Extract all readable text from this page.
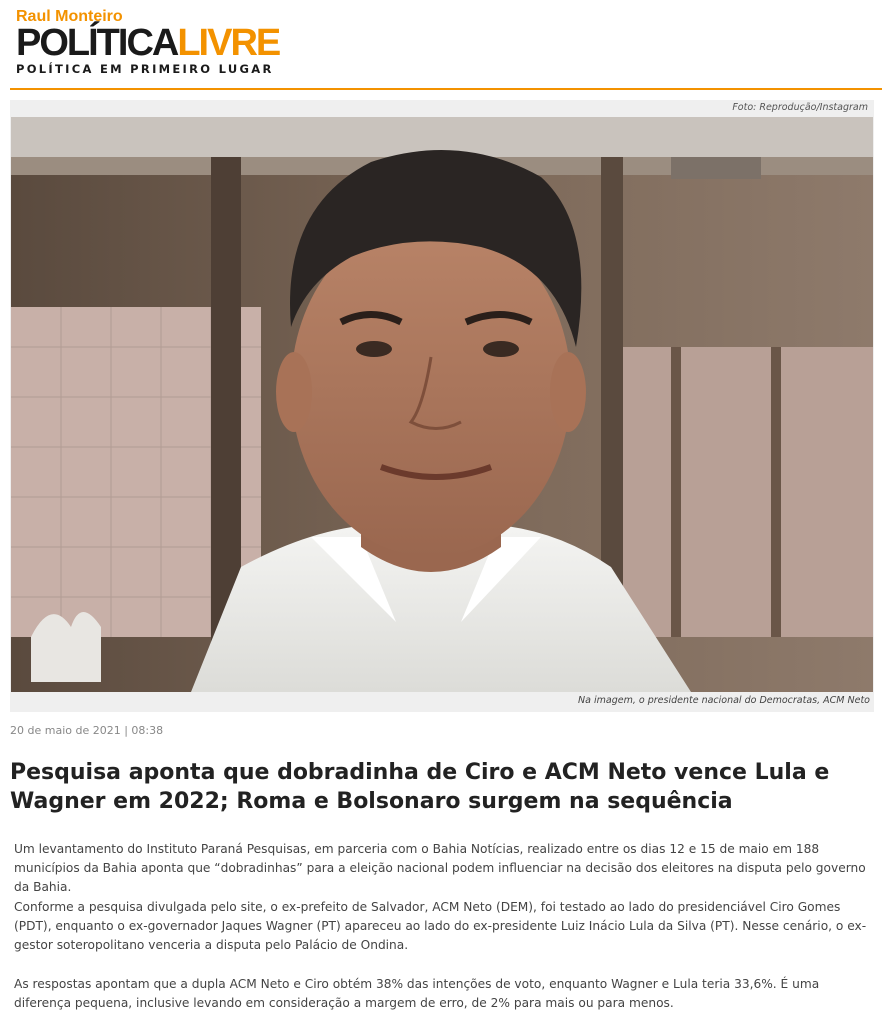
Raul Monteiro
POLÍTICALIVRE
POLÍTICA EM PRIMEIRO LUGAR
Foto: Reprodução/Instagram
Na imagem, o presidente nacional do Democratas, ACM Neto
20 de maio de 2021 | 08:38
Pesquisa aponta que dobradinha de Ciro e ACM Neto vence Lula e Wagner em 2022; Roma e Bolsonaro surgem na sequência

Um levantamento do Instituto Paraná Pesquisas, em parceria com o Bahia Notícias, realizado entre os dias 12 e 15 de maio em 188 municípios da Bahia aponta que “dobradinhas” para a eleição nacional podem influenciar na decisão dos eleitores na disputa pelo governo da Bahia.

Conforme a pesquisa divulgada pelo site, o ex-prefeito de Salvador, ACM Neto (DEM), foi testado ao lado do presidenciável Ciro Gomes (PDT), enquanto o ex-governador Jaques Wagner (PT) apareceu ao lado do ex-presidente Luiz Inácio Lula da Silva (PT). Nesse cenário, o ex-gestor soteropolitano venceria a disputa pelo Palácio de Ondina.

As respostas apontam que a dupla ACM Neto e Ciro obtém 38% das intenções de voto, enquanto Wagner e Lula teria 33,6%. É uma diferença pequena, inclusive levando em consideração a margem de erro, de 2% para mais ou para menos.
